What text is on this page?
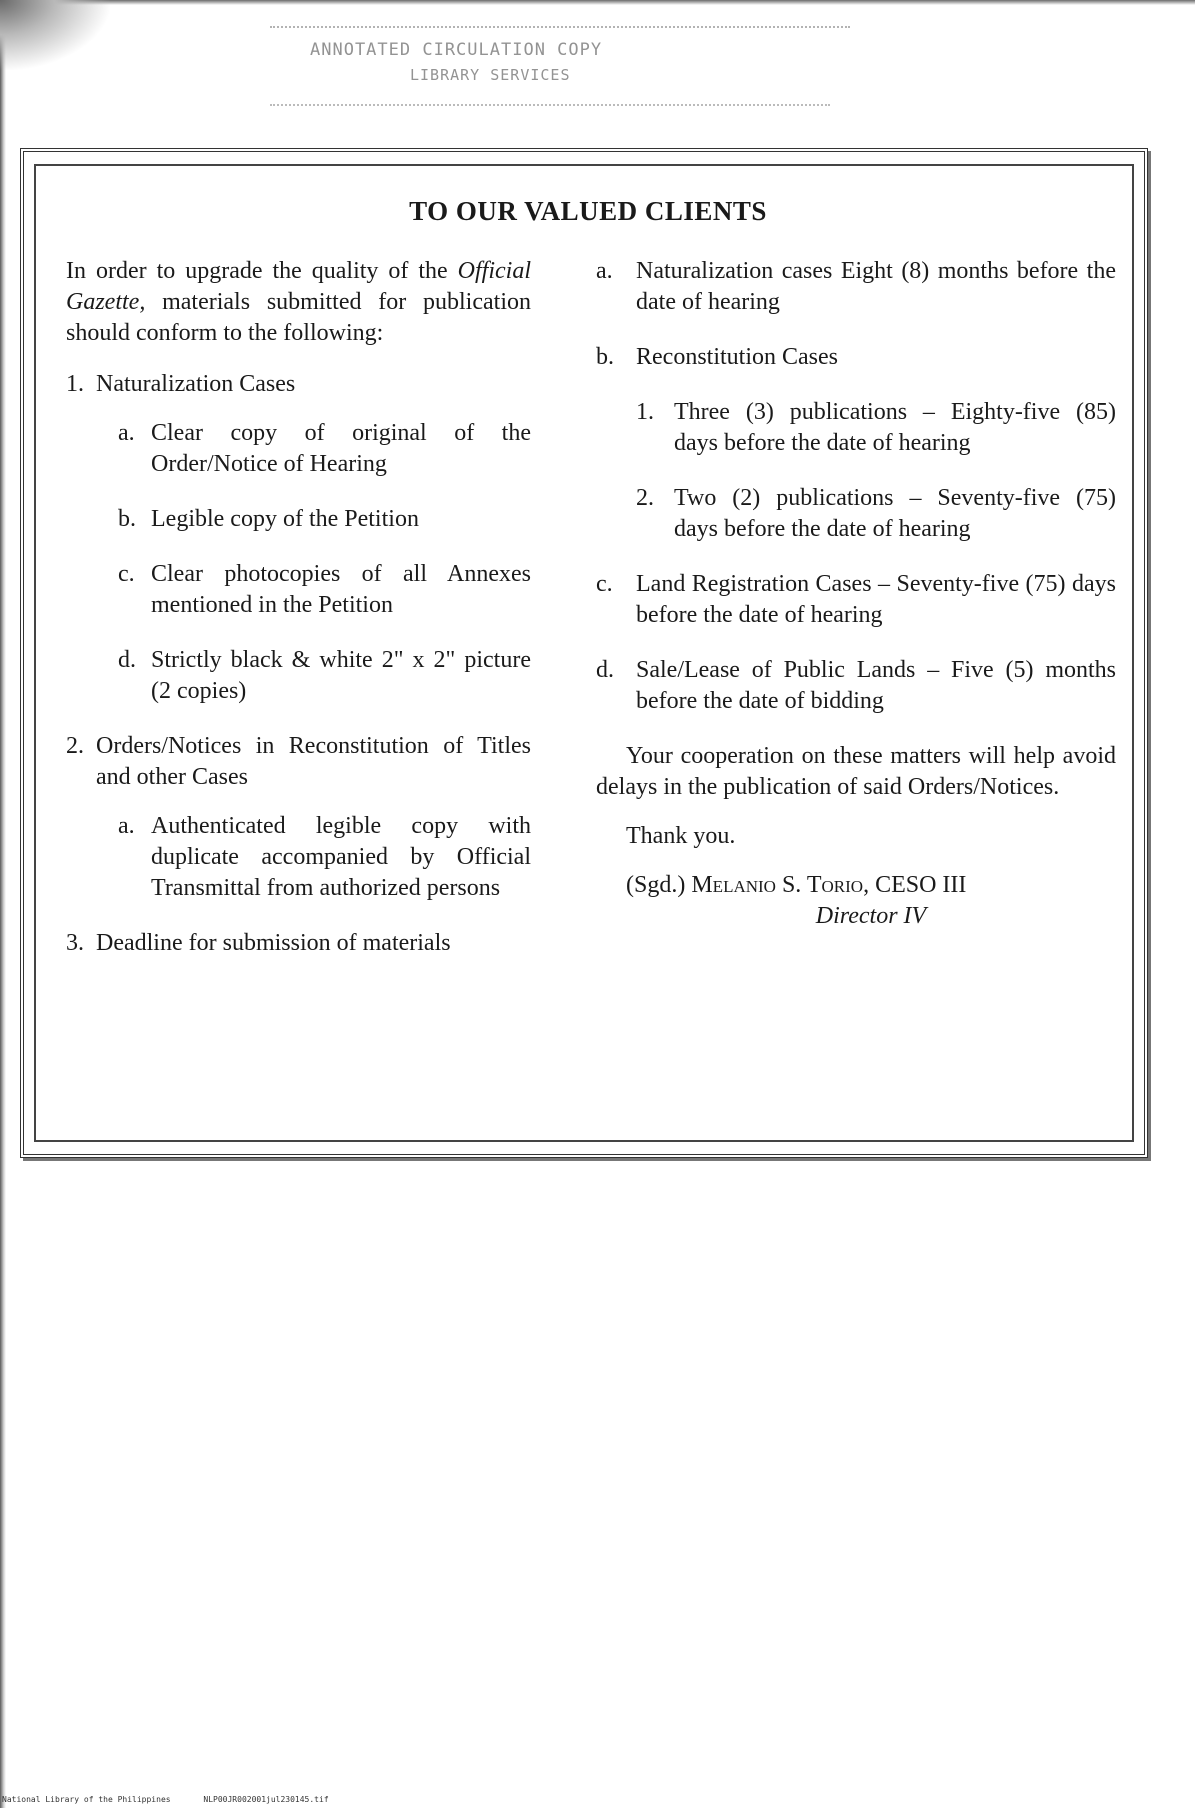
ANNOTATED CIRCULATION COPY
LIBRARY SERVICES
TO OUR VALUED CLIENTS

In order to upgrade the quality of the Official Gazette, materials submitted for publication should conform to the following:

1. Naturalization Cases
a. Clear copy of original of the Order/Notice of Hearing
b. Legible copy of the Petition
c. Clear photocopies of all Annexes mentioned in the Petition
d. Strictly black & white 2" x 2" picture (2 copies)
2. Orders/Notices in Reconstitution of Titles and other Cases
a. Authenticated legible copy with duplicate accompanied by Official Transmittal from authorized persons
3. Deadline for submission of materials
a. Naturalization cases Eight (8) months before the date of hearing
b. Reconstitution Cases
1. Three (3) publications – Eighty-five (85) days before the date of hearing
2. Two (2) publications – Seventy-five (75) days before the date of hearing
c. Land Registration Cases – Seventy-five (75) days before the date of hearing
d. Sale/Lease of Public Lands – Five (5) months before the date of bidding

Your cooperation on these matters will help avoid delays in the publication of said Orders/Notices.

Thank you.

(Sgd.) Melanio S. Torio, CESO III

Director IV
National Library of the Philippines	NLP00JR002001jul230145.tif
